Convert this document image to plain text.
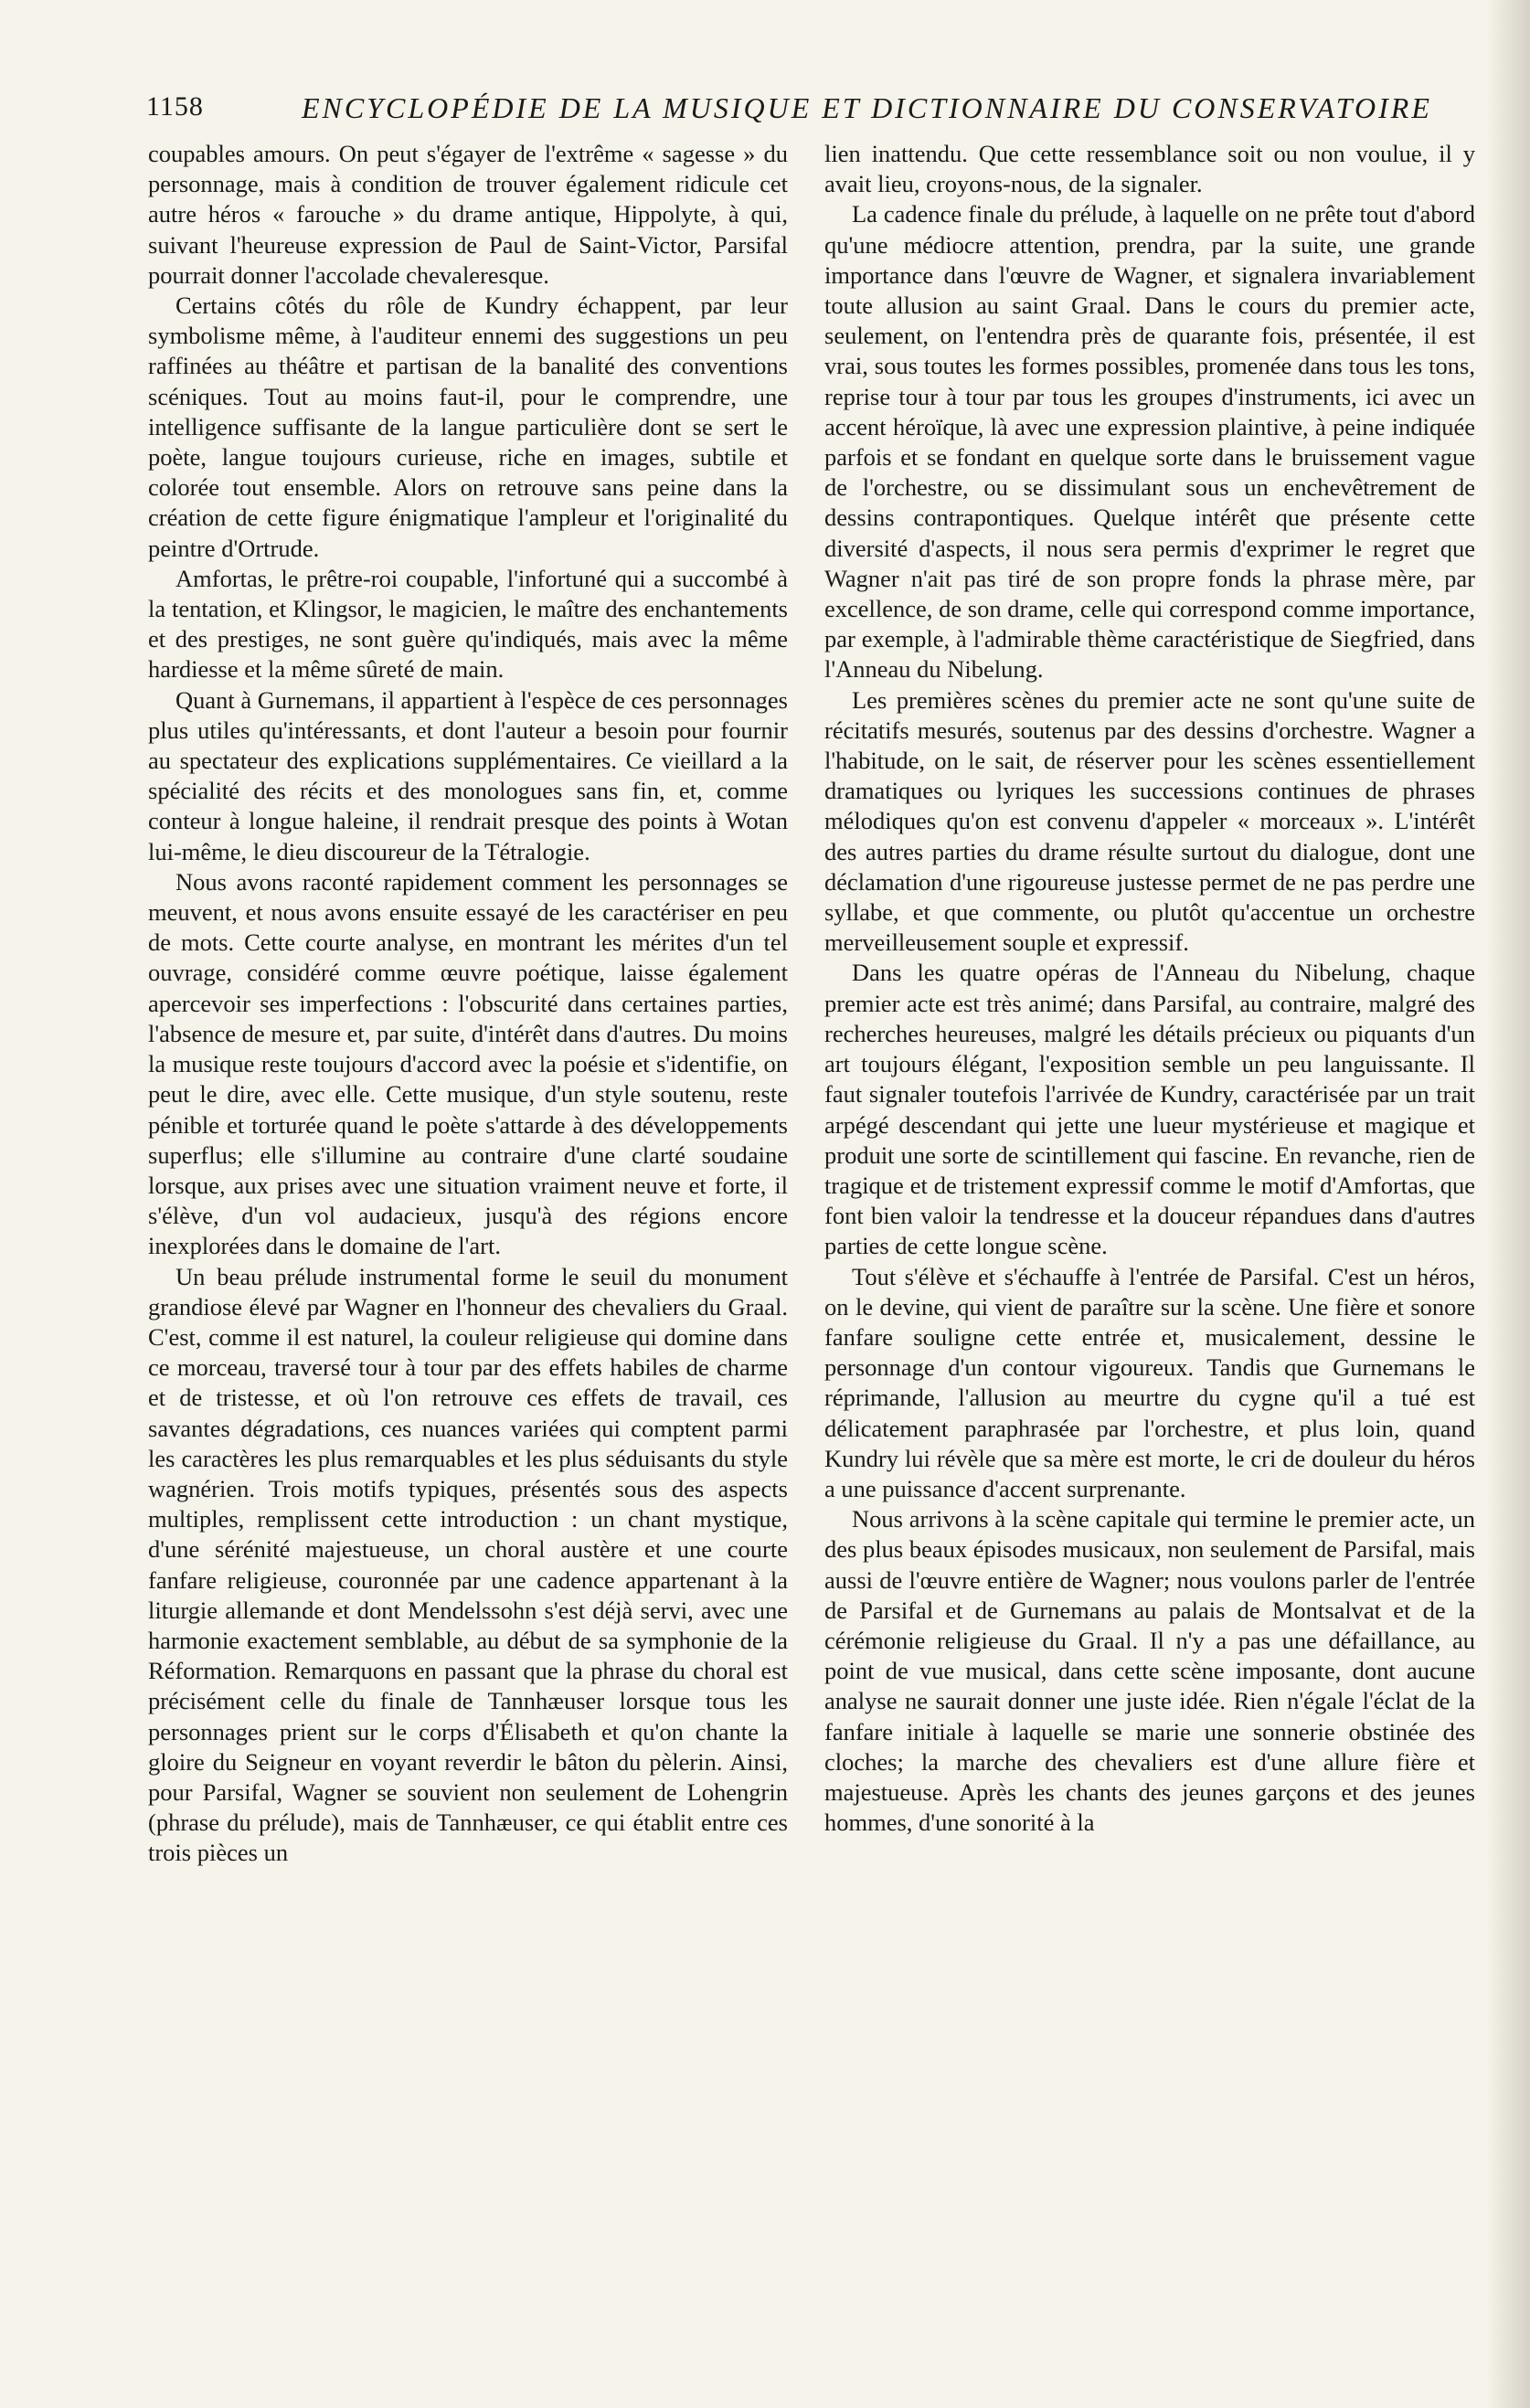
1158	ENCYCLOPÉDIE DE LA MUSIQUE ET DICTIONNAIRE DU CONSERVATOIRE

coupables amours. On peut s'égayer de l'extrême « sagesse » du personnage, mais à condition de trouver également ridicule cet autre héros « farouche » du drame antique, Hippolyte, à qui, suivant l'heureuse expression de Paul de Saint-Victor, Parsifal pourrait donner l'accolade chevaleresque.

Certains côtés du rôle de Kundry échappent, par leur symbolisme même, à l'auditeur ennemi des suggestions un peu raffinées au théâtre et partisan de la banalité des conventions scéniques. Tout au moins faut-il, pour le comprendre, une intelligence suffisante de la langue particulière dont se sert le poète, langue toujours curieuse, riche en images, subtile et colorée tout ensemble. Alors on retrouve sans peine dans la création de cette figure énigmatique l'ampleur et l'originalité du peintre d'Ortrude.

Amfortas, le prêtre-roi coupable, l'infortuné qui a succombé à la tentation, et Klingsor, le magicien, le maître des enchantements et des prestiges, ne sont guère qu'indiqués, mais avec la même hardiesse et la même sûreté de main.

Quant à Gurnemans, il appartient à l'espèce de ces personnages plus utiles qu'intéressants, et dont l'auteur a besoin pour fournir au spectateur des explications supplémentaires. Ce vieillard a la spécialité des récits et des monologues sans fin, et, comme conteur à longue haleine, il rendrait presque des points à Wotan lui-même, le dieu discoureur de la Tétralogie.

Nous avons raconté rapidement comment les personnages se meuvent, et nous avons ensuite essayé de les caractériser en peu de mots. Cette courte analyse, en montrant les mérites d'un tel ouvrage, considéré comme œuvre poétique, laisse également apercevoir ses imperfections : l'obscurité dans certaines parties, l'absence de mesure et, par suite, d'intérêt dans d'autres. Du moins la musique reste toujours d'accord avec la poésie et s'identifie, on peut le dire, avec elle. Cette musique, d'un style soutenu, reste pénible et torturée quand le poète s'attarde à des développements superflus; elle s'illumine au contraire d'une clarté soudaine lorsque, aux prises avec une situation vraiment neuve et forte, il s'élève, d'un vol audacieux, jusqu'à des régions encore inexplorées dans le domaine de l'art.

Un beau prélude instrumental forme le seuil du monument grandiose élevé par Wagner en l'honneur des chevaliers du Graal. C'est, comme il est naturel, la couleur religieuse qui domine dans ce morceau, traversé tour à tour par des effets habiles de charme et de tristesse, et où l'on retrouve ces effets de travail, ces savantes dégradations, ces nuances variées qui comptent parmi les caractères les plus remarquables et les plus séduisants du style wagnérien. Trois motifs typiques, présentés sous des aspects multiples, remplissent cette introduction : un chant mystique, d'une sérénité majestueuse, un choral austère et une courte fanfare religieuse, couronnée par une cadence appartenant à la liturgie allemande et dont Mendelssohn s'est déjà servi, avec une harmonie exactement semblable, au début de sa symphonie de la Réformation. Remarquons en passant que la phrase du choral est précisément celle du finale de Tannhæuser lorsque tous les personnages prient sur le corps d'Élisabeth et qu'on chante la gloire du Seigneur en voyant reverdir le bâton du pèlerin. Ainsi, pour Parsifal, Wagner se souvient non seulement de Lohengrin (phrase du prélude), mais de Tannhæuser, ce qui établit entre ces trois pièces un

lien inattendu. Que cette ressemblance soit ou non voulue, il y avait lieu, croyons-nous, de la signaler.

La cadence finale du prélude, à laquelle on ne prête tout d'abord qu'une médiocre attention, prendra, par la suite, une grande importance dans l'œuvre de Wagner, et signalera invariablement toute allusion au saint Graal. Dans le cours du premier acte, seulement, on l'entendra près de quarante fois, présentée, il est vrai, sous toutes les formes possibles, promenée dans tous les tons, reprise tour à tour par tous les groupes d'instruments, ici avec un accent héroïque, là avec une expression plaintive, à peine indiquée parfois et se fondant en quelque sorte dans le bruissement vague de l'orchestre, ou se dissimulant sous un enchevêtrement de dessins contrapontiques. Quelque intérêt que présente cette diversité d'aspects, il nous sera permis d'exprimer le regret que Wagner n'ait pas tiré de son propre fonds la phrase mère, par excellence, de son drame, celle qui correspond comme importance, par exemple, à l'admirable thème caractéristique de Siegfried, dans l'Anneau du Nibelung.

Les premières scènes du premier acte ne sont qu'une suite de récitatifs mesurés, soutenus par des dessins d'orchestre. Wagner a l'habitude, on le sait, de réserver pour les scènes essentiellement dramatiques ou lyriques les successions continues de phrases mélodiques qu'on est convenu d'appeler « morceaux ». L'intérêt des autres parties du drame résulte surtout du dialogue, dont une déclamation d'une rigoureuse justesse permet de ne pas perdre une syllabe, et que commente, ou plutôt qu'accentue un orchestre merveilleusement souple et expressif.

Dans les quatre opéras de l'Anneau du Nibelung, chaque premier acte est très animé; dans Parsifal, au contraire, malgré des recherches heureuses, malgré les détails précieux ou piquants d'un art toujours élégant, l'exposition semble un peu languissante. Il faut signaler toutefois l'arrivée de Kundry, caractérisée par un trait arpégé descendant qui jette une lueur mystérieuse et magique et produit une sorte de scintillement qui fascine. En revanche, rien de tragique et de tristement expressif comme le motif d'Amfortas, que font bien valoir la tendresse et la douceur répandues dans d'autres parties de cette longue scène.

Tout s'élève et s'échauffe à l'entrée de Parsifal. C'est un héros, on le devine, qui vient de paraître sur la scène. Une fière et sonore fanfare souligne cette entrée et, musicalement, dessine le personnage d'un contour vigoureux. Tandis que Gurnemans le réprimande, l'allusion au meurtre du cygne qu'il a tué est délicatement paraphrasée par l'orchestre, et plus loin, quand Kundry lui révèle que sa mère est morte, le cri de douleur du héros a une puissance d'accent surprenante.

Nous arrivons à la scène capitale qui termine le premier acte, un des plus beaux épisodes musicaux, non seulement de Parsifal, mais aussi de l'œuvre entière de Wagner; nous voulons parler de l'entrée de Parsifal et de Gurnemans au palais de Montsalvat et de la cérémonie religieuse du Graal. Il n'y a pas une défaillance, au point de vue musical, dans cette scène imposante, dont aucune analyse ne saurait donner une juste idée. Rien n'égale l'éclat de la fanfare initiale à laquelle se marie une sonnerie obstinée des cloches; la marche des chevaliers est d'une allure fière et majestueuse. Après les chants des jeunes garçons et des jeunes hommes, d'une sonorité à la
